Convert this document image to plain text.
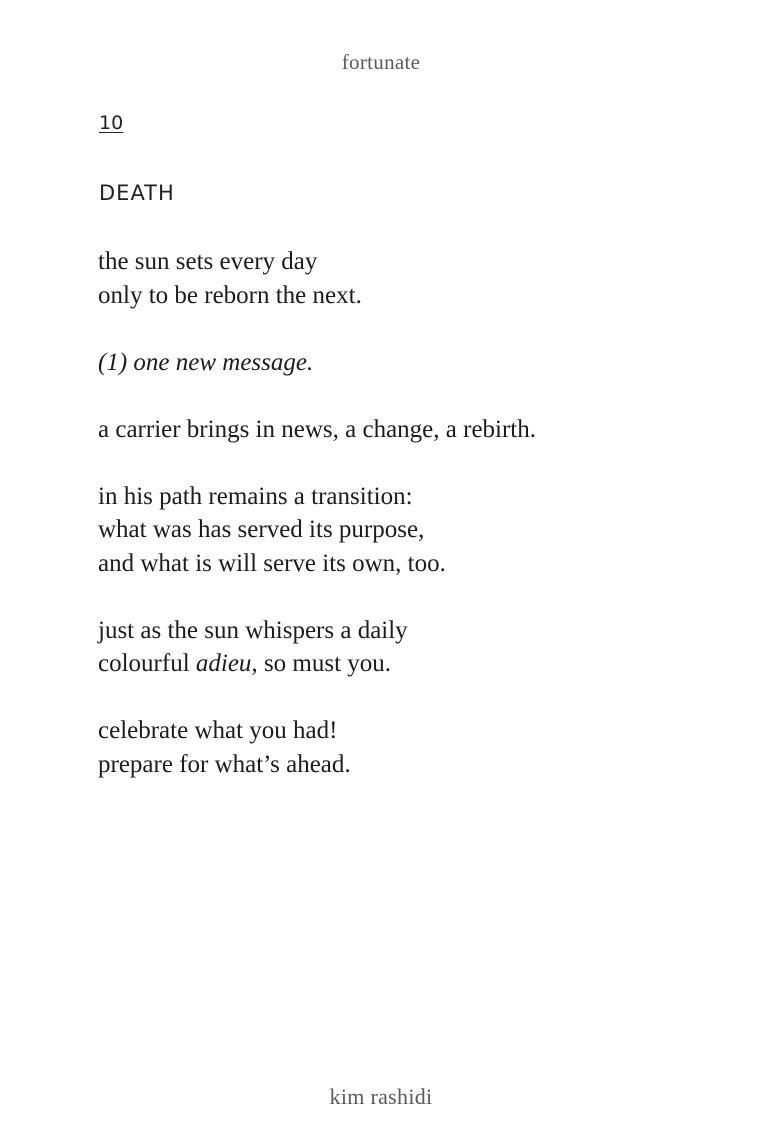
fortunate
10
DEATH
the sun sets every day
only to be reborn the next.
(1) one new message.
a carrier brings in news, a change, a rebirth.
in his path remains a transition:
what was has served its purpose,
and what is will serve its own, too.
just as the sun whispers a daily
colourful adieu, so must you.
celebrate what you had!
prepare for what’s ahead.
kim rashidi
